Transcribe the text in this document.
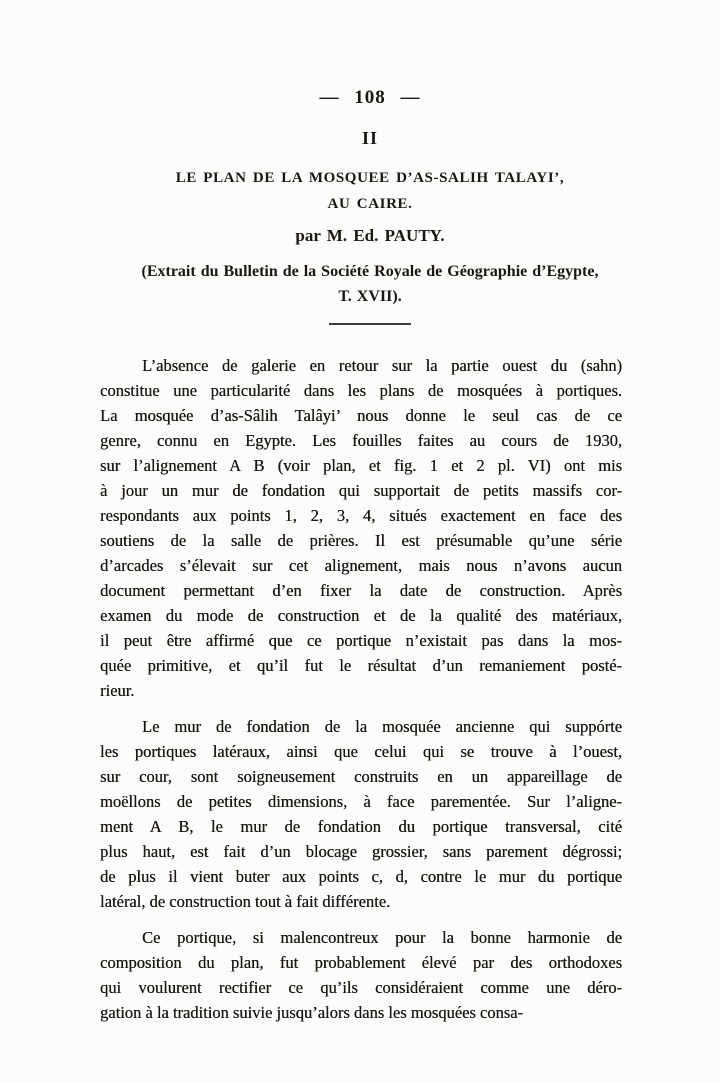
— 108 —
II
LE PLAN DE LA MOSQUEE D’AS-SALIH TALAYI’,
AU CAIRE.
par M. Ed. PAUTY.
(Extrait du Bulletin de la Société Royale de Géographie d’Egypte,
T. XVII).
L’absence de galerie en retour sur la partie ouest du (sahn)
constitue une particularité dans les plans de mosquées à portiques.
La mosquée d’as-Sâlih Talâyi’ nous donne le seul cas de ce
genre, connu en Egypte. Les fouilles faites au cours de 1930,
sur l’alignement A B (voir plan, et fig. 1 et 2 pl. VI) ont mis
à jour un mur de fondation qui supportait de petits massifs cor-
respondants aux points 1, 2, 3, 4, situés exactement en face des
soutiens de la salle de prières. Il est présumable qu’une série
d’arcades s’élevait sur cet alignement, mais nous n’avons aucun
document permettant d’en fixer la date de construction. Après
examen du mode de construction et de la qualité des matériaux,
il peut être affirmé que ce portique n’existait pas dans la mos-
quée primitive, et qu’il fut le résultat d’un remaniement posté-
rieur.
Le mur de fondation de la mosquée ancienne qui suppórte
les portiques latéraux, ainsi que celui qui se trouve à l’ouest,
sur cour, sont soigneusement construits en un appareillage de
moëllons de petites dimensions, à face parementée. Sur l’aligne-
ment A B, le mur de fondation du portique transversal, cité
plus haut, est fait d’un blocage grossier, sans parement dégrossi;
de plus il vient buter aux points c, d, contre le mur du portique
latéral, de construction tout à fait différente.
Ce portique, si malencontreux pour la bonne harmonie de
composition du plan, fut probablement élevé par des orthodoxes
qui voulurent rectifier ce qu’ils considéraient comme une déro-
gation à la tradition suivie jusqu’alors dans les mosquées consa-
